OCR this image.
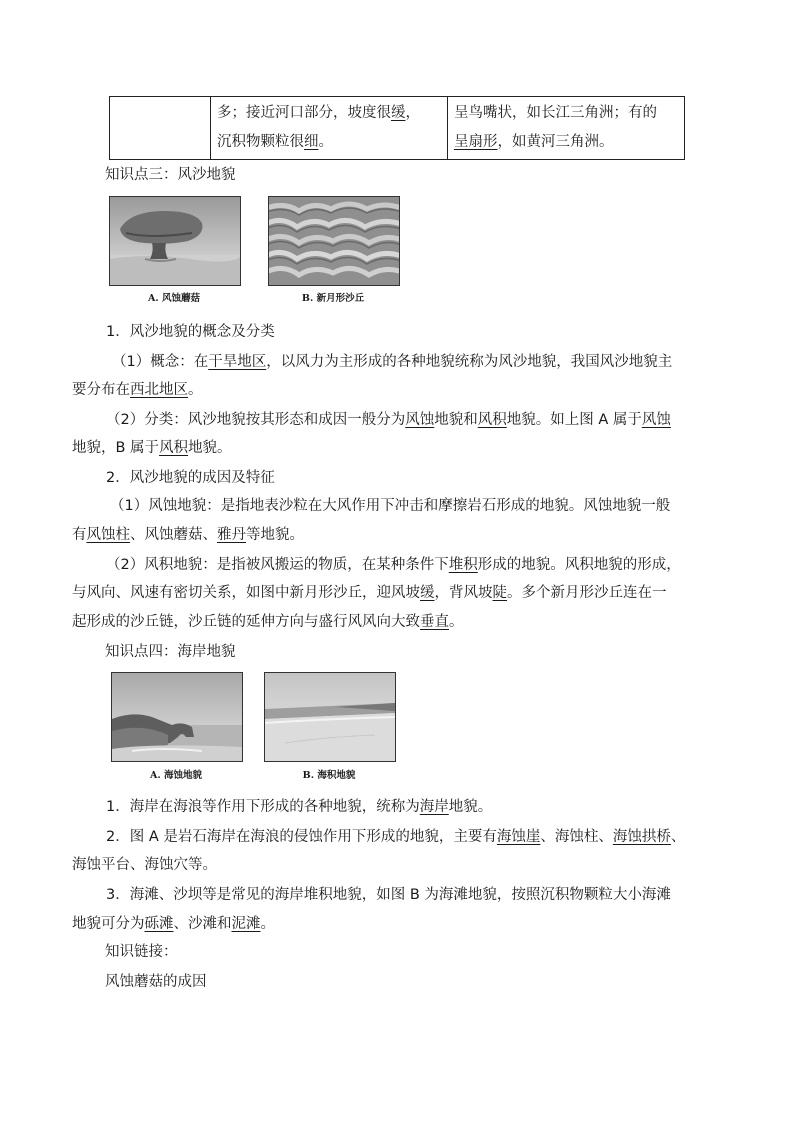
多；接近河口部分，坡度很缓，
沉积物颗粒很细。

呈鸟嘴状，如长江三角洲；有的
呈扇形，如黄河三角洲。
知识点三：风沙地貌
A. 风蚀蘑菇	B. 新月形沙丘
1．风沙地貌的概念及分类
（1）概念：在干旱地区，以风力为主形成的各种地貌统称为风沙地貌，我国风沙地貌主
要分布在西北地区。
（2）分类：风沙地貌按其形态和成因一般分为风蚀地貌和风积地貌。如上图 A 属于风蚀
地貌，B 属于风积地貌。
2．风沙地貌的成因及特征
（1）风蚀地貌：是指地表沙粒在大风作用下冲击和摩擦岩石形成的地貌。风蚀地貌一般
有风蚀柱、风蚀蘑菇、雅丹等地貌。
（2）风积地貌：是指被风搬运的物质，在某种条件下堆积形成的地貌。风积地貌的形成，
与风向、风速有密切关系，如图中新月形沙丘，迎风坡缓，背风坡陡。多个新月形沙丘连在一
起形成的沙丘链，沙丘链的延伸方向与盛行风风向大致垂直。
知识点四：海岸地貌
A. 海蚀地貌	B. 海积地貌
1．海岸在海浪等作用下形成的各种地貌，统称为海岸地貌。
2．图 A 是岩石海岸在海浪的侵蚀作用下形成的地貌，主要有海蚀崖、海蚀柱、海蚀拱桥、
海蚀平台、海蚀穴等。
3．海滩、沙坝等是常见的海岸堆积地貌，如图 B 为海滩地貌，按照沉积物颗粒大小海滩
地貌可分为砾滩、沙滩和泥滩。
知识链接：
风蚀蘑菇的成因
